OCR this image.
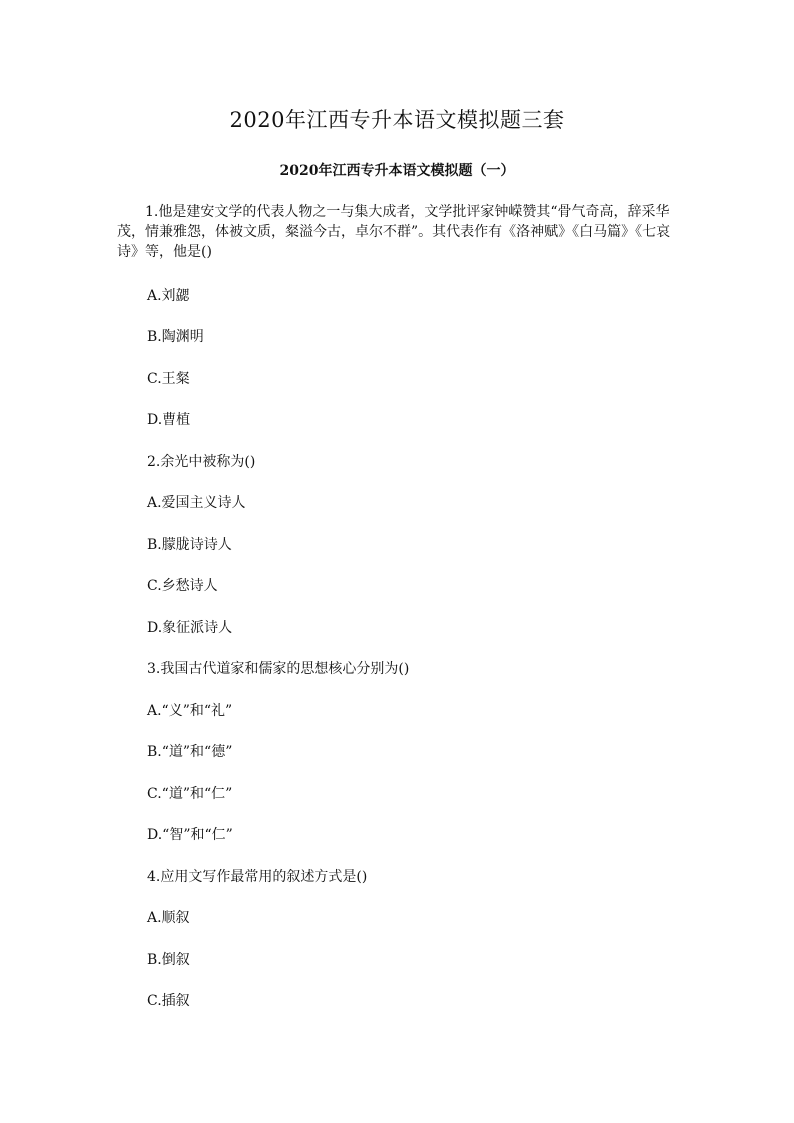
2020年江西专升本语文模拟题三套
2020年江西专升本语文模拟题（一）

1.他是建安文学的代表人物之一与集大成者，文学批评家钟嵘赞其“骨气奇高，辞采华茂，情兼雅怨，体被文质，粲溢今古，卓尔不群”。其代表作有《洛神赋》《白马篇》《七哀诗》等，他是()

A.刘勰

B.陶渊明

C.王粲

D.曹植

2.余光中被称为()

A.爱国主义诗人

B.朦胧诗诗人

C.乡愁诗人

D.象征派诗人

3.我国古代道家和儒家的思想核心分别为()

A.“义”和“礼”

B.“道”和“德”

C.“道”和“仁”

D.“智”和“仁”

4.应用文写作最常用的叙述方式是()

A.顺叙

B.倒叙

C.插叙
